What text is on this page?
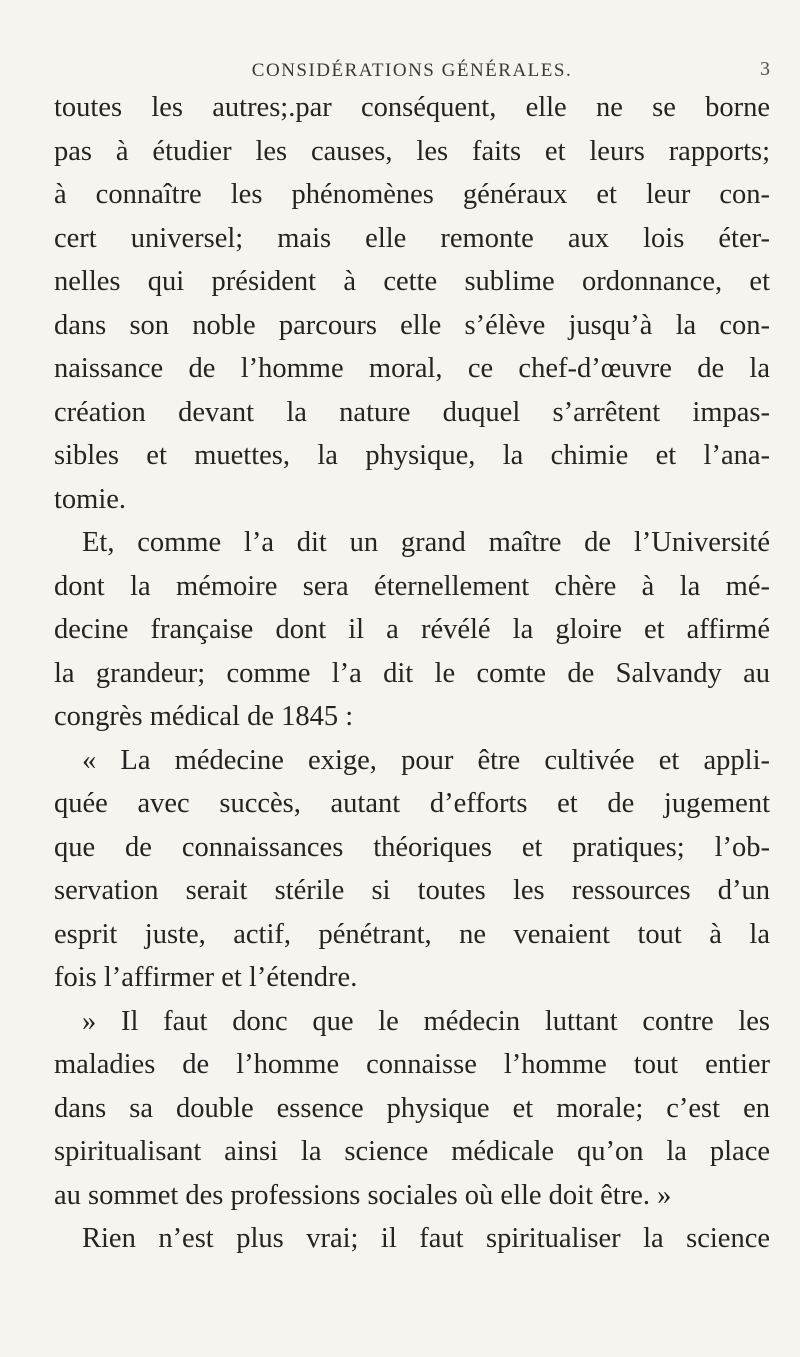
CONSIDÉRATIONS GÉNÉRALES.	3
toutes les autres;.par conséquent, elle ne se borne
pas à étudier les causes, les faits et leurs rapports;
à connaître les phénomènes généraux et leur con-
cert universel; mais elle remonte aux lois éter-
nelles qui président à cette sublime ordonnance, et
dans son noble parcours elle s’élève jusqu’à la con-
naissance de l’homme moral, ce chef-d’œuvre de la
création devant la nature duquel s’arrêtent impas-
sibles et muettes, la physique, la chimie et l’ana-
tomie.
Et, comme l’a dit un grand maître de l’Université
dont la mémoire sera éternellement chère à la mé-
decine française dont il a révélé la gloire et affirmé
la grandeur; comme l’a dit le comte de Salvandy au
congrès médical de 1845 :
« La médecine exige, pour être cultivée et appli-
quée avec succès, autant d’efforts et de jugement
que de connaissances théoriques et pratiques; l’ob-
servation serait stérile si toutes les ressources d’un
esprit juste, actif, pénétrant, ne venaient tout à la
fois l’affirmer et l’étendre.
» Il faut donc que le médecin luttant contre les
maladies de l’homme connaisse l’homme tout entier
dans sa double essence physique et morale; c’est en
spiritualisant ainsi la science médicale qu’on la place
au sommet des professions sociales où elle doit être. »
Rien n’est plus vrai; il faut spiritualiser la science
